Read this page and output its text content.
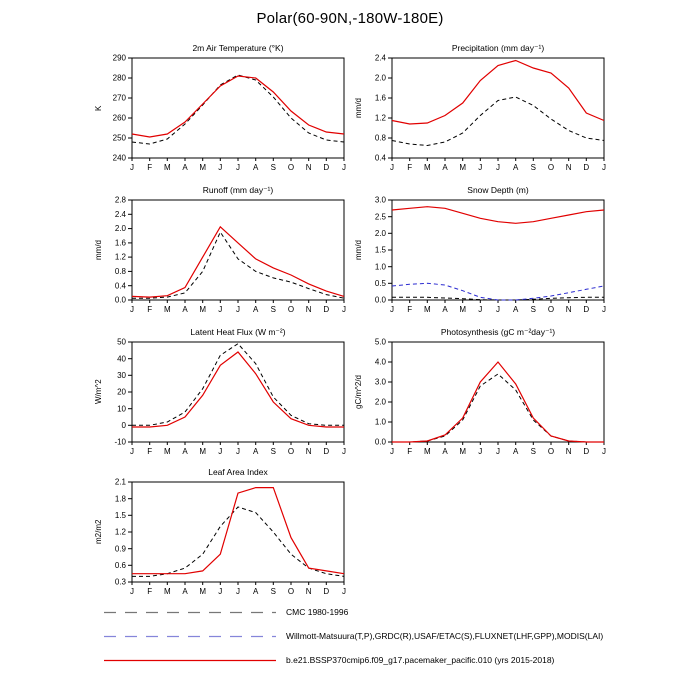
Polar(60-90N,-180W-180E)
2m Air Temperature (°K)
K
240
250
260
270
280
290
J F M A M J J A S O N D J
Precipitation (mm day⁻¹)
mm/d
0.4
0.8
1.2
1.6
2.0
2.4
J F M A M J J A S O N D J
Runoff (mm day⁻¹)
mm/d
0.0
0.4
0.8
1.2
1.6
2.0
2.4
2.8
J F M A M J J A S O N D J
Snow Depth (m)
mm/d
0.0
0.5
1.0
1.5
2.0
2.5
3.0
J F M A M J J A S O N D J
Latent Heat Flux (W m⁻²)
W/m^2
-10
0
10
20
30
40
50
J F M A M J J A S O N D J
Photosynthesis (gC m⁻²day⁻¹)
gC/m^2/d
0.0
1.0
2.0
3.0
4.0
5.0
J F M A M J J A S O N D J
Leaf Area Index
m2/m2
0.3
0.6
0.9
1.2
1.5
1.8
2.1
J F M A M J J A S O N D J
CMC 1980-1996
Willmott-Matsuura(T,P),GRDC(R),USAF/ETAC(S),FLUXNET(LHF,GPP),MODIS(LAI)
b.e21.BSSP370cmip6.f09_g17.pacemaker_pacific.010 (yrs 2015-2018)
